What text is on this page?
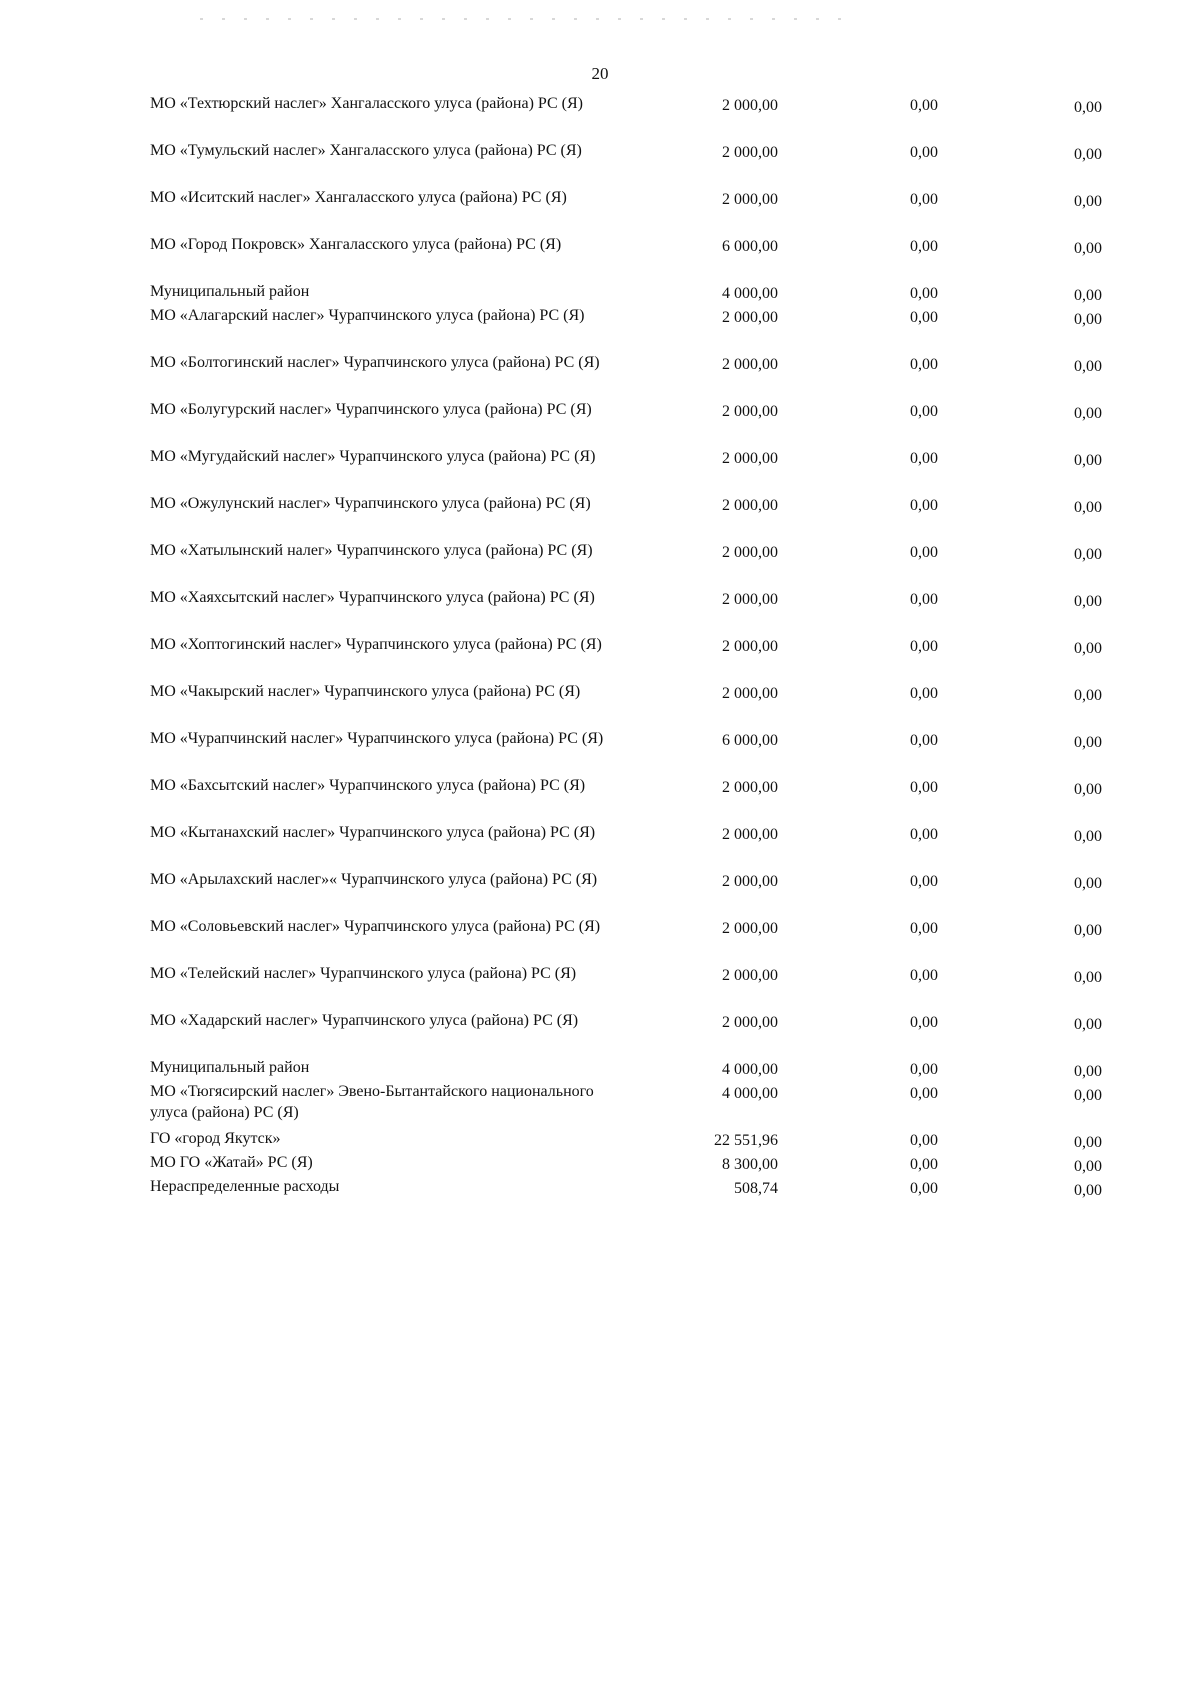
20
МО «Техтюрский наслег» Хангаласского улуса (района) РС (Я)	2 000,00	0,00	0,00
МО «Тумульский наслег» Хангаласского улуса (района) РС (Я)	2 000,00	0,00	0,00
МО «Иситский наслег» Хангаласского улуса (района) РС (Я)	2 000,00	0,00	0,00
МО «Город Покровск» Хангаласского улуса (района) РС (Я)	6 000,00	0,00	0,00
Муниципальный район	4 000,00	0,00	0,00
МО «Алагарский наслег» Чурапчинского улуса (района) РС (Я)	2 000,00	0,00	0,00
МО «Болтогинский наслег» Чурапчинского улуса (района) РС (Я)	2 000,00	0,00	0,00
МО «Болугурский наслег» Чурапчинского улуса (района) РС (Я)	2 000,00	0,00	0,00
МО «Мугудайский наслег» Чурапчинского улуса (района) РС (Я)	2 000,00	0,00	0,00
МО «Ожулунский наслег» Чурапчинского улуса (района) РС (Я)	2 000,00	0,00	0,00
МО «Хатылынский налег» Чурапчинского улуса (района) РС (Я)	2 000,00	0,00	0,00
МО «Хаяхсытский наслег» Чурапчинского улуса (района) РС (Я)	2 000,00	0,00	0,00
МО «Хоптогинский наслег» Чурапчинского улуса (района) РС (Я)	2 000,00	0,00	0,00
МО «Чакырский наслег» Чурапчинского улуса (района) РС (Я)	2 000,00	0,00	0,00
МО «Чурапчинский наслег» Чурапчинского улуса (района) РС (Я)	6 000,00	0,00	0,00
МО «Бахсытский наслег» Чурапчинского улуса (района) РС (Я)	2 000,00	0,00	0,00
МО «Кытанахский наслег» Чурапчинского улуса (района) РС (Я)	2 000,00	0,00	0,00
МО «Арылахский наслег»« Чурапчинского улуса (района) РС (Я)	2 000,00	0,00	0,00
МО «Соловьевский наслег» Чурапчинского улуса (района) РС (Я)	2 000,00	0,00	0,00
МО «Телейский наслег» Чурапчинского улуса (района) РС (Я)	2 000,00	0,00	0,00
МО «Хадарский наслег» Чурапчинского улуса (района) РС (Я)	2 000,00	0,00	0,00
Муниципальный район	4 000,00	0,00	0,00
МО «Тюгясирский наслег» Эвено-Бытантайского национального улуса (района) РС (Я)
4 000,00	0,00	0,00
ГО «город Якутск»	22 551,96	0,00	0,00
МО ГО «Жатай» РС (Я)	8 300,00	0,00	0,00
Нераспределенные расходы	508,74	0,00	0,00
